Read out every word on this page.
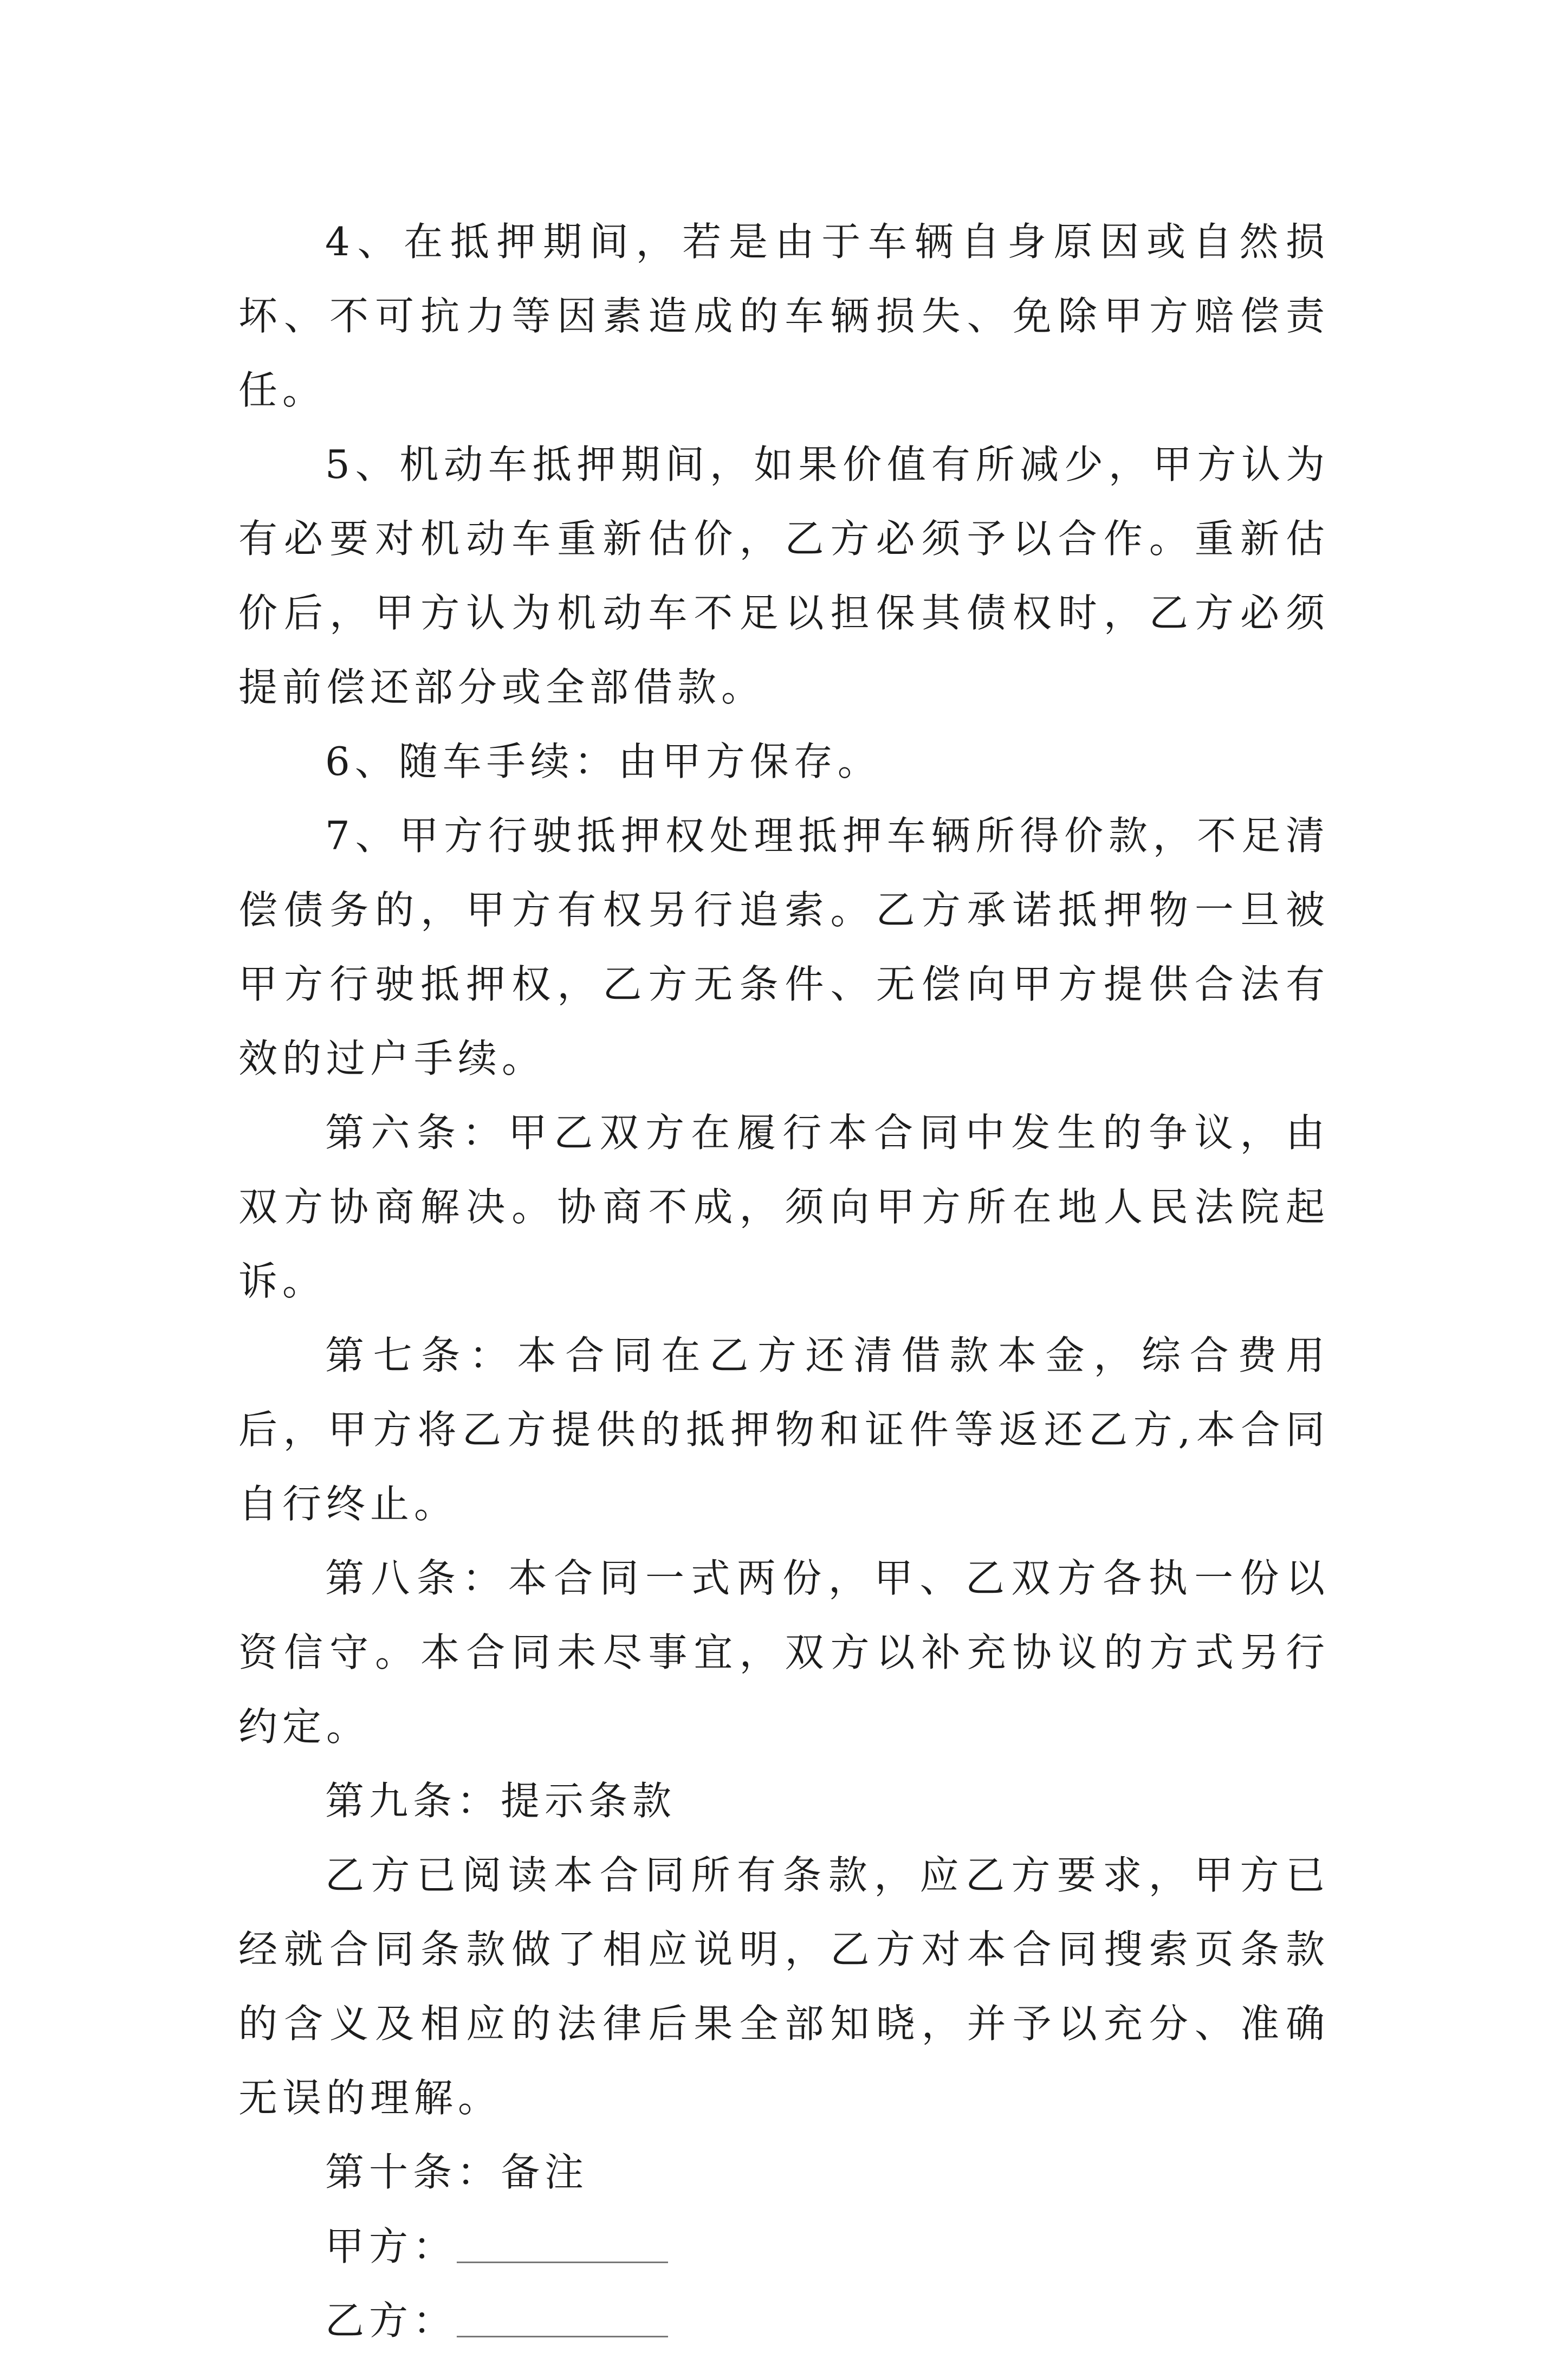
4、在抵押期间，若是由于车辆自身原因或自然损坏、不可抗力等因素造成的车辆损失、免除甲方赔偿责任。

5、机动车抵押期间，如果价值有所减少，甲方认为有必要对机动车重新估价，乙方必须予以合作。重新估价后，甲方认为机动车不足以担保其债权时，乙方必须提前偿还部分或全部借款。

6、随车手续：由甲方保存。

7、甲方行驶抵押权处理抵押车辆所得价款，不足清偿债务的，甲方有权另行追索。乙方承诺抵押物一旦被甲方行驶抵押权，乙方无条件、无偿向甲方提供合法有效的过户手续。

第六条：甲乙双方在履行本合同中发生的争议，由双方协商解决。协商不成，须向甲方所在地人民法院起诉。

第七条：本合同在乙方还清借款本金，综合费用后，甲方将乙方提供的抵押物和证件等返还乙方,本合同自行终止。

第八条：本合同一式两份，甲、乙双方各执一份以资信守。本合同未尽事宜，双方以补充协议的方式另行约定。

第九条：提示条款

乙方已阅读本合同所有条款，应乙方要求，甲方已经就合同条款做了相应说明，乙方对本合同搜索页条款的含义及相应的法律后果全部知晓，并予以充分、准确无误的理解。

第十条：备注

甲方：

乙方：
